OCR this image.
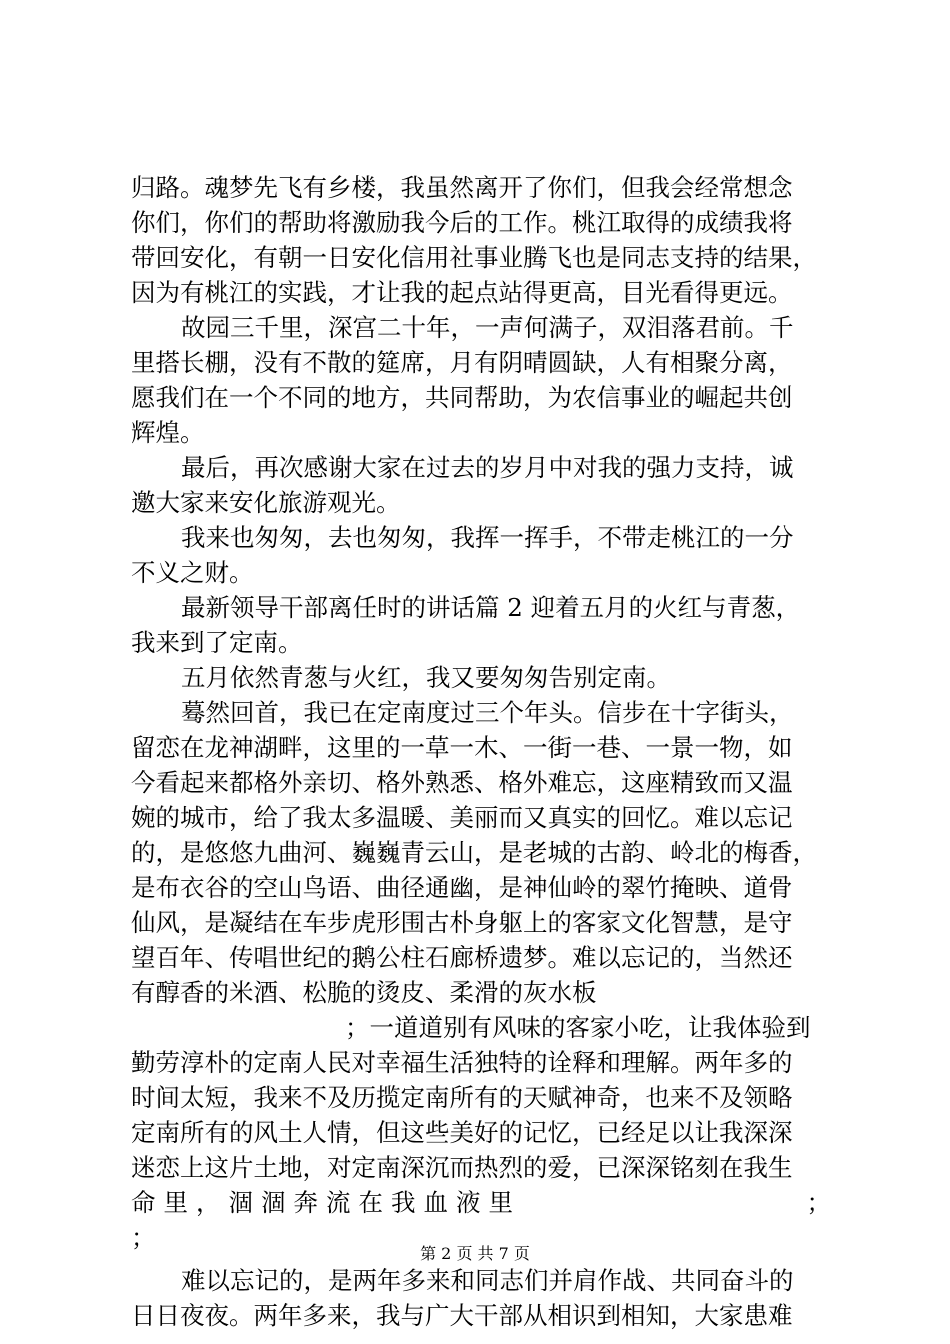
归路。魂梦先飞有乡楼，我虽然离开了你们，但我会经常想念
你们，你们的帮助将激励我今后的工作。桃江取得的成绩我将
带回安化，有朝一日安化信用社事业腾飞也是同志支持的结果，
因为有桃江的实践，才让我的起点站得更高，目光看得更远。
故园三千里，深宫二十年，一声何满子，双泪落君前。千
里搭长棚，没有不散的筵席，月有阴晴圆缺，人有相聚分离，
愿我们在一个不同的地方，共同帮助，为农信事业的崛起共创
辉煌。
最后，再次感谢大家在过去的岁月中对我的强力支持，诚
邀大家来安化旅游观光。
我来也匆匆，去也匆匆，我挥一挥手，不带走桃江的一分
不义之财。
最新领导干部离任时的讲话篇 2 迎着五月的火红与青葱，
我来到了定南。
五月依然青葱与火红，我又要匆匆告别定南。
蓦然回首，我已在定南度过三个年头。信步在十字街头，
留恋在龙神湖畔，这里的一草一木、一街一巷、一景一物，如
今看起来都格外亲切、格外熟悉、格外难忘，这座精致而又温
婉的城市，给了我太多温暖、美丽而又真实的回忆。难以忘记
的，是悠悠九曲河、巍巍青云山，是老城的古韵、岭北的梅香，
是布衣谷的空山鸟语、曲径通幽，是神仙岭的翠竹掩映、道骨
仙风，是凝结在车步虎形围古朴身躯上的客家文化智慧，是守
望百年、传唱世纪的鹅公柱石廊桥遗梦。难以忘记的，当然还
有醇香的米酒、松脆的烫皮、柔滑的灰水板
；一道道别有风味的客家小吃，让我体验到
勤劳淳朴的定南人民对幸福生活独特的诠释和理解。两年多的
时间太短，我来不及历揽定南所有的天赋神奇，也来不及领略
定南所有的风土人情，但这些美好的记忆，已经足以让我深深
迷恋上这片土地，对定南深沉而热烈的爱，已深深铭刻在我生
命里，涸涸奔流在我血液里	；
；
难以忘记的，是两年多来和同志们并肩作战、共同奋斗的
日日夜夜。两年多来，我与广大干部从相识到相知，大家患难
第 2 页 共 7 页
